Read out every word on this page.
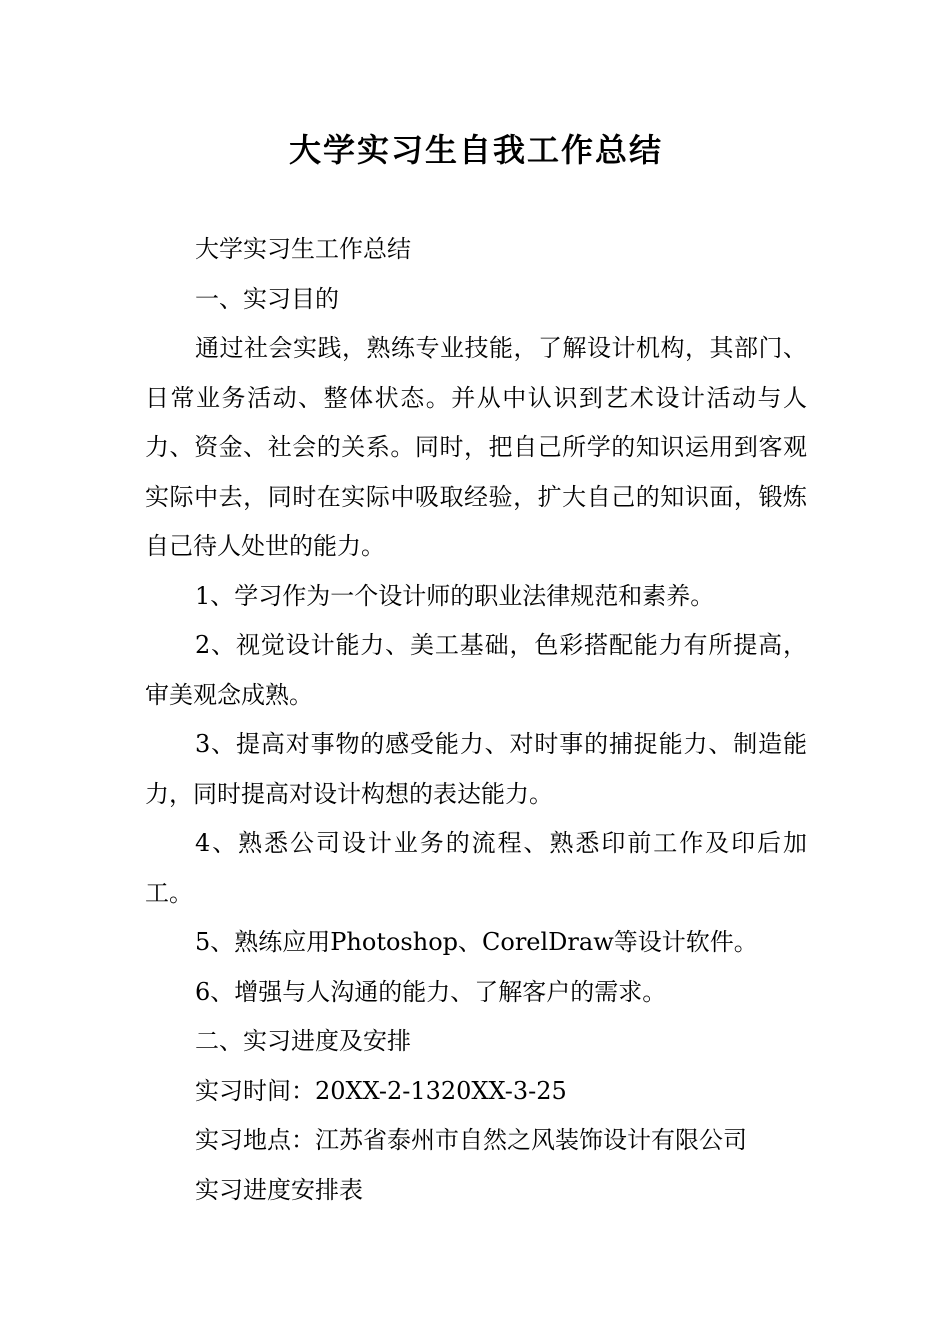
大学实习生自我工作总结

大学实习生工作总结

一、实习目的

通过社会实践，熟练专业技能，了解设计机构，其部门、日常业务活动、整体状态。并从中认识到艺术设计活动与人力、资金、社会的关系。同时，把自己所学的知识运用到客观实际中去，同时在实际中吸取经验，扩大自己的知识面，锻炼自己待人处世的能力。

1、学习作为一个设计师的职业法律规范和素养。

2、视觉设计能力、美工基础，色彩搭配能力有所提高，审美观念成熟。

3、提高对事物的感受能力、对时事的捕捉能力、制造能力，同时提高对设计构想的表达能力。

4、熟悉公司设计业务的流程、熟悉印前工作及印后加工。

5、熟练应用Photoshop、CorelDraw等设计软件。

6、增强与人沟通的能力、了解客户的需求。

二、实习进度及安排

实习时间：20XX-2-1320XX-3-25

实习地点：江苏省泰州市自然之风装饰设计有限公司

实习进度安排表
